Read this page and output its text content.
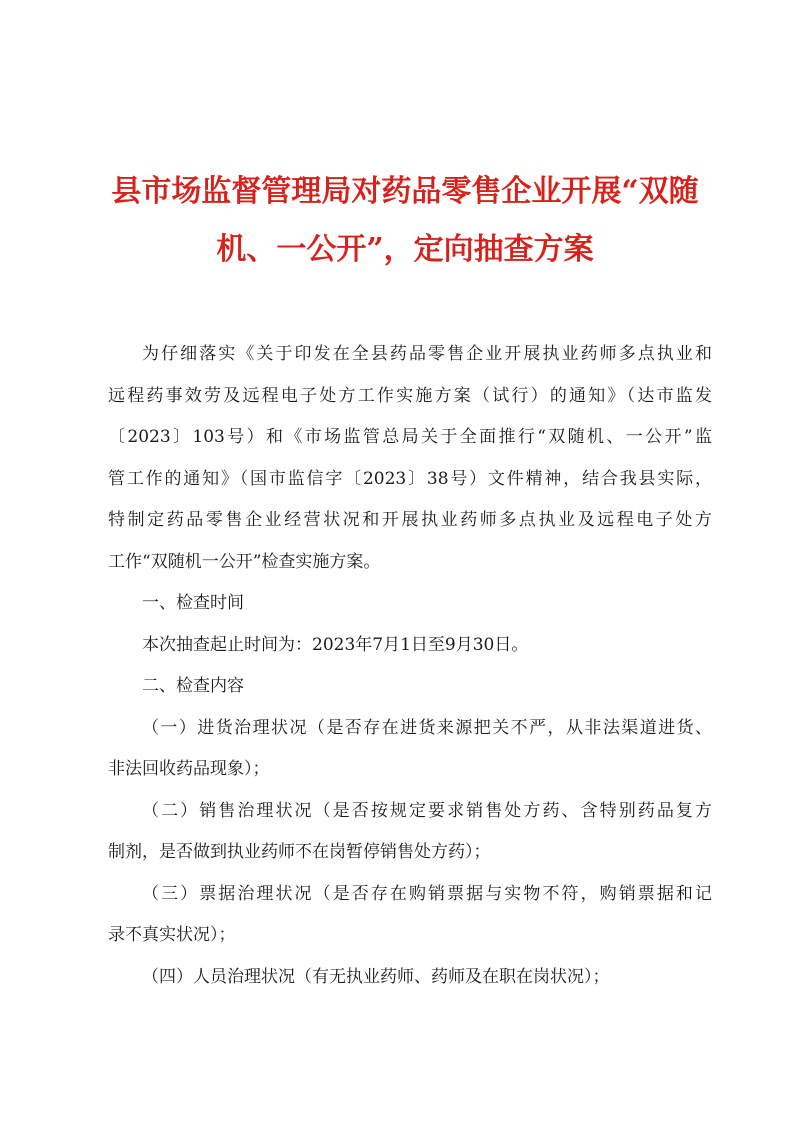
县市场监督管理局对药品零售企业开展“双随
机、一公开”，定向抽查方案
为仔细落实《关于印发在全县药品零售企业开展执业药师多点执业和
远程药事效劳及远程电子处方工作实施方案（试行）的通知》（达市监发
〔2023〕103号）和《市场监管总局关于全面推行“双随机、一公开”监
管工作的通知》（国市监信字〔2023〕38号）文件精神，结合我县实际，
特制定药品零售企业经营状况和开展执业药师多点执业及远程电子处方
工作“双随机一公开”检查实施方案。
一、检查时间
本次抽查起止时间为：2023年7月1日至9月30日。
二、检查内容
（一）进货治理状况（是否存在进货来源把关不严，从非法渠道进货、
非法回收药品现象）；
（二）销售治理状况（是否按规定要求销售处方药、含特别药品复方
制剂，是否做到执业药师不在岗暂停销售处方药）；
（三）票据治理状况（是否存在购销票据与实物不符，购销票据和记
录不真实状况）；
（四）人员治理状况（有无执业药师、药师及在职在岗状况）；
